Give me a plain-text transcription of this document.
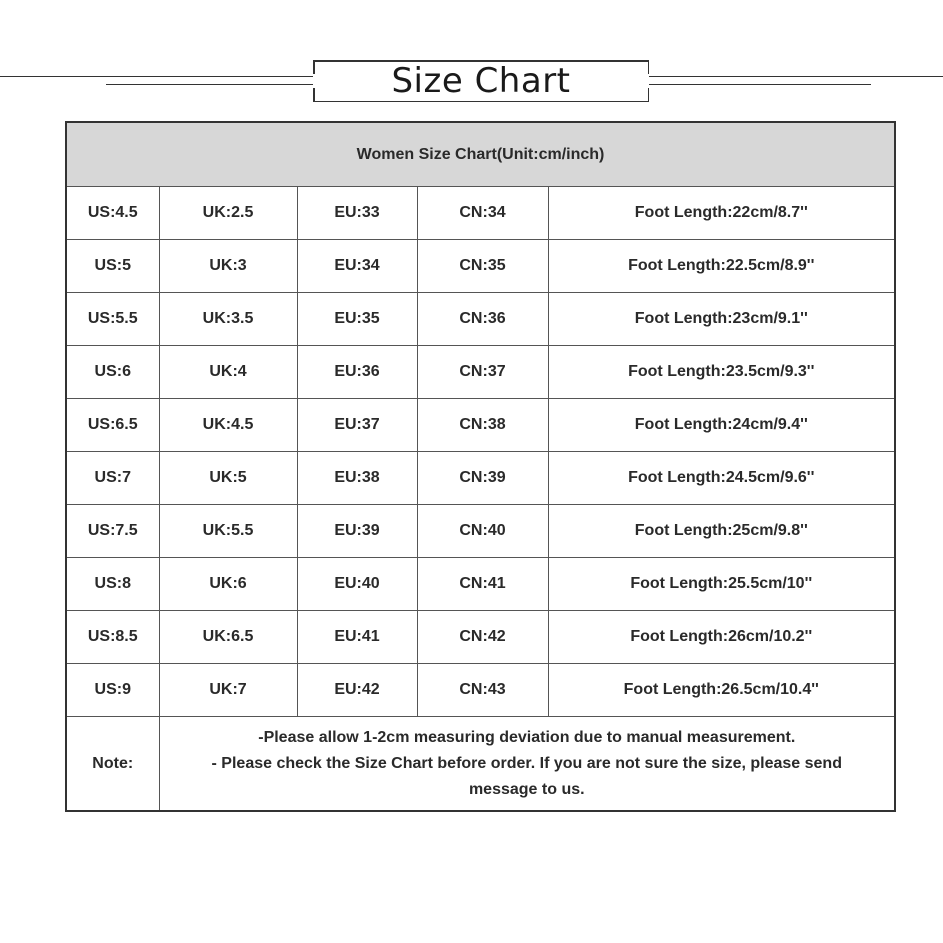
Size Chart
Women Size Chart(Unit:cm/inch)				
US:4.5	UK:2.5	EU:33	CN:34	Foot Length:22cm/8.7''
US:5	UK:3	EU:34	CN:35	Foot Length:22.5cm/8.9''
US:5.5	UK:3.5	EU:35	CN:36	Foot Length:23cm/9.1''
US:6	UK:4	EU:36	CN:37	Foot Length:23.5cm/9.3''
US:6.5	UK:4.5	EU:37	CN:38	Foot Length:24cm/9.4''
US:7	UK:5	EU:38	CN:39	Foot Length:24.5cm/9.6''
US:7.5	UK:5.5	EU:39	CN:40	Foot Length:25cm/9.8''
US:8	UK:6	EU:40	CN:41	Foot Length:25.5cm/10''
US:8.5	UK:6.5	EU:41	CN:42	Foot Length:26cm/10.2''
US:9	UK:7	EU:42	CN:43	Foot Length:26.5cm/10.4''
Note:	-Please allow 1-2cm measuring deviation due to manual measurement.
- Please check the Size Chart before order. If you are not sure the size, please send
message to us.			
